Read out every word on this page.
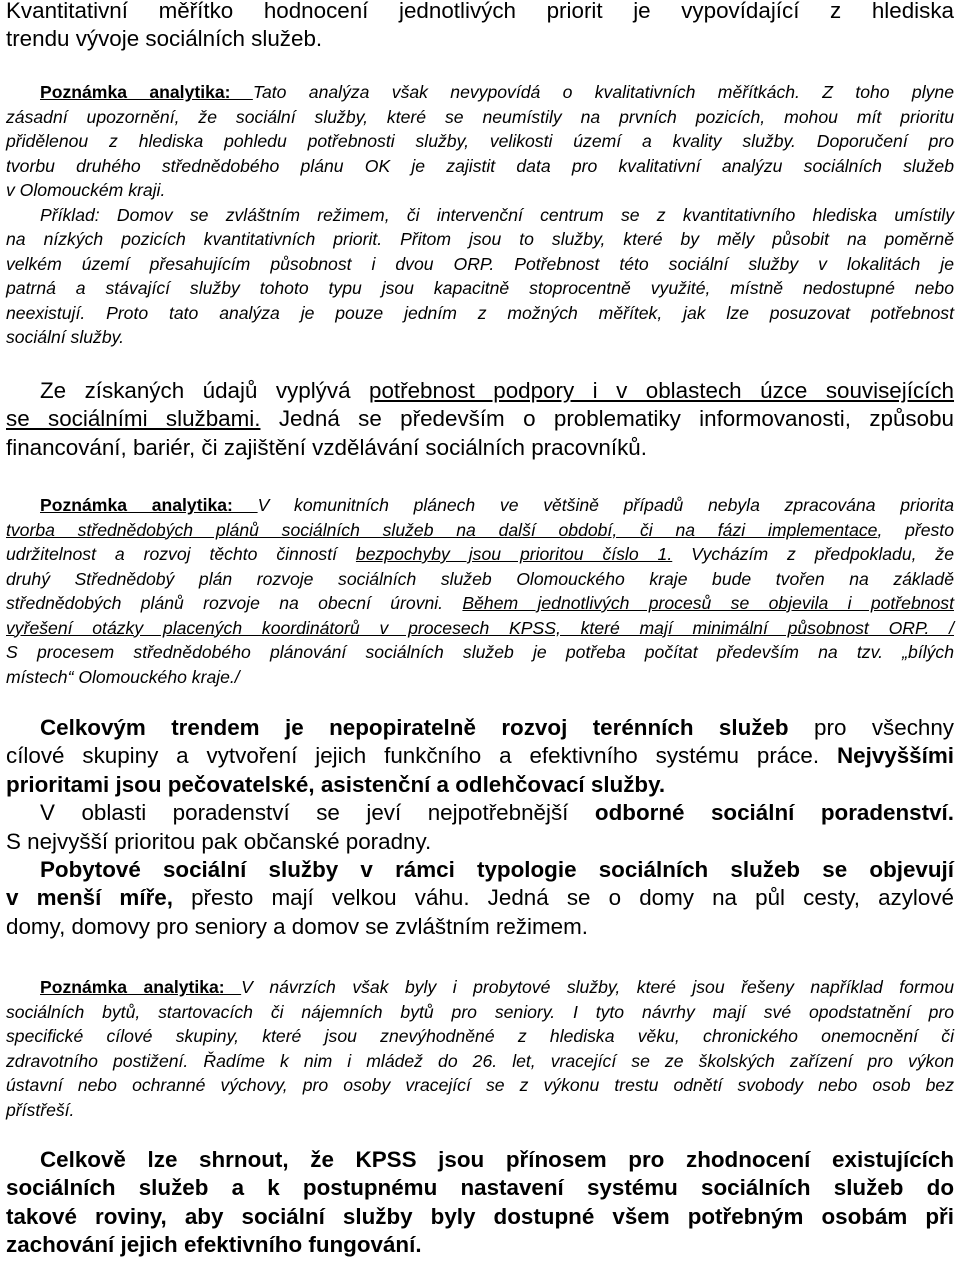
Kvantitativní měřítko hodnocení jednotlivých priorit je vypovídající z hlediska
trendu vývoje sociálních služeb.
Poznámka analytika: Tato analýza však nevypovídá o kvalitativních měřítkách. Z toho plyne
zásadní upozornění, že sociální služby, které se neumístily na prvních pozicích, mohou mít prioritu
přidělenou z hlediska pohledu potřebnosti služby, velikosti území a kvality služby. Doporučení pro
tvorbu druhého střednědobého plánu OK je zajistit data pro kvalitativní analýzu sociálních služeb
v Olomouckém kraji.
Příklad: Domov se zvláštním režimem, či intervenční centrum se z kvantitativního hlediska umístily
na nízkých pozicích kvantitativních priorit. Přitom jsou to služby, které by měly působit na poměrně
velkém území přesahujícím působnost i dvou ORP. Potřebnost této sociální služby v lokalitách je
patrná a stávající služby tohoto typu jsou kapacitně stoprocentně využité, místně nedostupné nebo
neexistují. Proto tato analýza je pouze jedním z možných měřítek, jak lze posuzovat potřebnost
sociální služby.
Ze získaných údajů vyplývá potřebnost podpory i v oblastech úzce souvisejících
se sociálními službami. Jedná se především o problematiky informovanosti, způsobu
financování, bariér, či zajištění vzdělávání sociálních pracovníků.
Poznámka analytika: V komunitních plánech ve většině případů nebyla zpracována priorita
tvorba střednědobých plánů sociálních služeb na další období, či na fázi implementace, přesto
udržitelnost a rozvoj těchto činností bezpochyby jsou prioritou číslo 1. Vycházím z předpokladu, že
druhý Střednědobý plán rozvoje sociálních služeb Olomouckého kraje bude tvořen na základě
střednědobých plánů rozvoje na obecní úrovni. Během jednotlivých procesů se objevila i potřebnost
vyřešení otázky placených koordinátorů v procesech KPSS, které mají minimální působnost ORP. /
S procesem střednědobého plánování sociálních služeb je potřeba počítat především na tzv. „bílých
místech“ Olomouckého kraje./
Celkovým trendem je nepopiratelně rozvoj terénních služeb pro všechny
cílové skupiny a vytvoření jejich funkčního a efektivního systému práce. Nejvyššími
prioritami jsou pečovatelské, asistenční a odlehčovací služby.
V oblasti poradenství se jeví nejpotřebnější odborné sociální poradenství.
S nejvyšší prioritou pak občanské poradny.
Pobytové sociální služby v rámci typologie sociálních služeb se objevují
v menší míře, přesto mají velkou váhu. Jedná se o domy na půl cesty, azylové
domy, domovy pro seniory a domov se zvláštním režimem.
Poznámka analytika: V návrzích však byly i probytové služby, které jsou řešeny například formou
sociálních bytů, startovacích či nájemních bytů pro seniory. I tyto návrhy mají své opodstatnění pro
specifické cílové skupiny, které jsou znevýhodněné z hlediska věku, chronického onemocnění či
zdravotního postižení. Řadíme k nim i mládež do 26. let, vracející se ze školských zařízení pro výkon
ústavní nebo ochranné výchovy, pro osoby vracející se z výkonu trestu odnětí svobody nebo osob bez
přístřeší.
Celkově lze shrnout, že KPSS jsou přínosem pro zhodnocení existujících
sociálních služeb a k postupnému nastavení systému sociálních služeb do
takové roviny, aby sociální služby byly dostupné všem potřebným osobám při
zachování jejich efektivního fungování.
